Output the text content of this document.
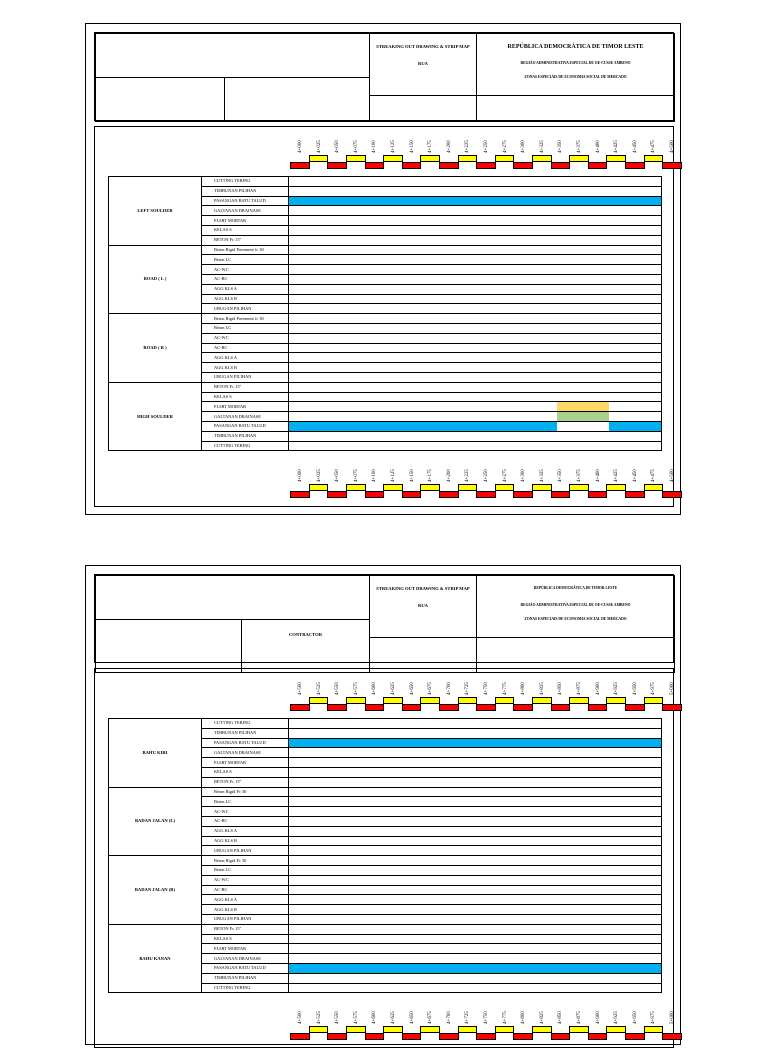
STREAKING OUT DRAWING & STRIP MAP
RUA
REPÚBLICA DEMOCRÁTICA DE TIMOR LESTE
REGIÃO ADMINISTRATIVA ESPECIAL DE OE-CUSSE AMBENO
ZONAS ESPECIAIS DE ECONOMIA SOCIAL DE MERCADO
4+000	4+025	4+050	4+075	4+100	4+125	4+150	4+175	4+200	4+225	4+250	4+275	4+300	4+325	4+350	4+375	4+400	4+425	4+450	4+475	4+500
LEFT SOULDER	CUTTING TEBING	
	TIMBUNAN PILIHAN	
	PASANGAN BATU TALUD	

	GALTANAN DRAINASE	
	PLSRT MORTAR	
	KELAS S	
	BETON Fc 15"	
ROAD ( L )	Beton Rigid Pavement fc 30	
	Beton LC	
	AC-WC	
	AC-BC	
	AGG KLS A	
	AGG KLS B	
	URUGAN PILIHAN	
ROAD ( R )	Beton Rigid Pavement fc 30	
	Beton LC	
	AC-WC	
	AC-BC	
	AGG KLS A	
	AGG KLS B	
	URUGAN PILIHAN	
HIGH SOULDER	BETON Fc 15"	
	KELAS S	
	PLSRT MORTAR	

	GALTANAN DRAINASE	

	PASANGAN BATU TALUD	

	TIMBUNAN PILIHAN	
	CUTTING TEBING	
4+000	4+025	4+050	4+075	4+100	4+125	4+150	4+175	4+200	4+225	4+250	4+275	4+300	4+325	4+350	4+375	4+400	4+425	4+450	4+475	4+500
CONTRACTOR
STREAKING OUT DRAWING & STRIP MAP
RUA
REPÚBLICA DEMOCRÁTICA DE TIMOR LESTE
REGIÃO ADMINISTRATIVA ESPECIAL DE OE-CUSSE AMBENO
ZONAS ESPECIAIS DE ECONOMIA SOCIAL DE MERCADO
4+500	4+525	4+550	4+575	4+600	4+625	4+650	4+675	4+700	4+725	4+750	4+775	4+800	4+825	4+850	4+875	4+900	4+925	4+950	4+975	5+000
BAHU KIRI	CUTTING TEBING	
	TIMBUNAN PILIHAN	
	PASANGAN BATU TALUD	

	GALTANAN DRAINASE	
	PLSRT MORTAR	
	KELAS S	
	BETON Fc 15"	
BADAN JALAN (L)	Beton Rigid Fc 30	
	Beton LC	
	AC-WC	
	AC-BC	
	AGG KLS A	
	AGG KLS B	
	URUGAN PILIHAN	
BADAN JALAN (R)	Beton Rigid Fc 30	
	Beton LC	
	AC-WC	
	AC-BC	
	AGG KLS A	
	AGG KLS B	
	URUGAN PILIHAN	
BAHU KANAN	BETON Fc 15"	
	KELAS S	
	PLSRT MORTAR	
	GALTANAN DRAINASE	
	PASANGAN BATU TALUD	

	TIMBUNAN PILIHAN	
	CUTTING TEBING	
4+500	4+525	4+550	4+575	4+600	4+625	4+650	4+675	4+700	4+725	4+750	4+775	4+800	4+825	4+850	4+875	4+900	4+925	4+950	4+975	5+000
